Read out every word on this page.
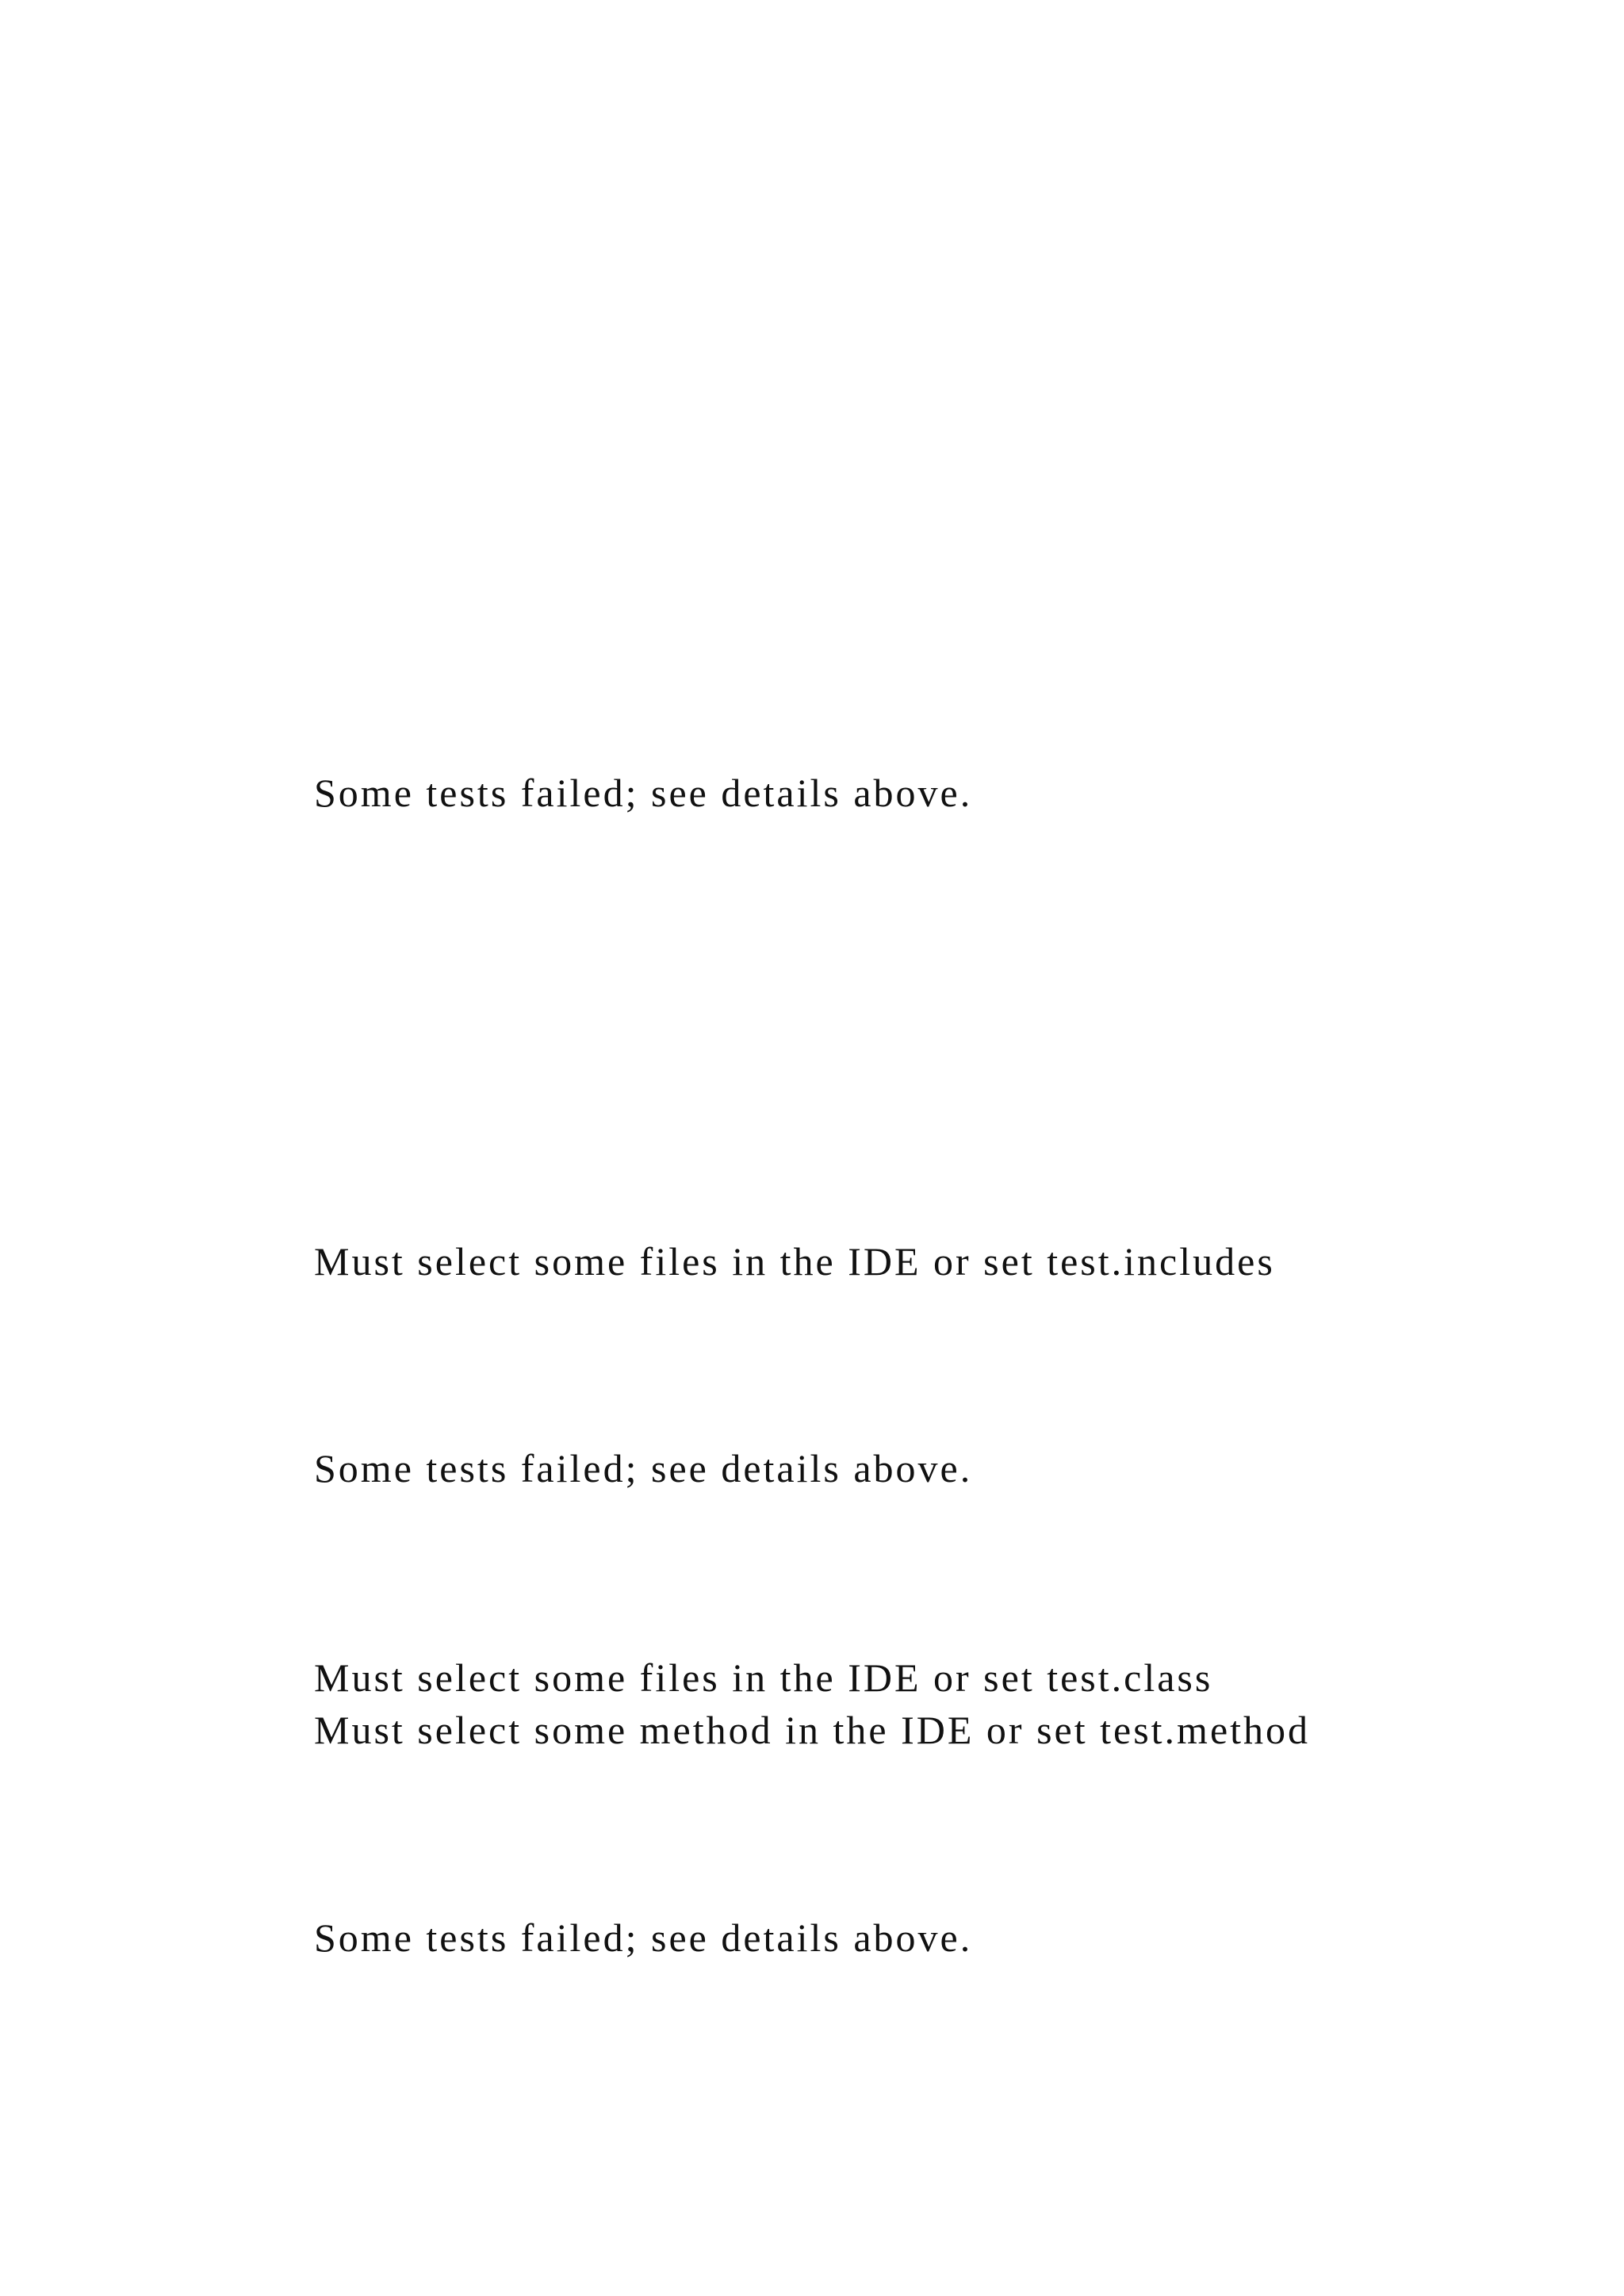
Some tests failed; see details above.

Must select some files in the IDE or set test.includes

Some tests failed; see details above.

Must select some files in the IDE or set test.class

Must select some method in the IDE or set test.method

Some tests failed; see details above.
